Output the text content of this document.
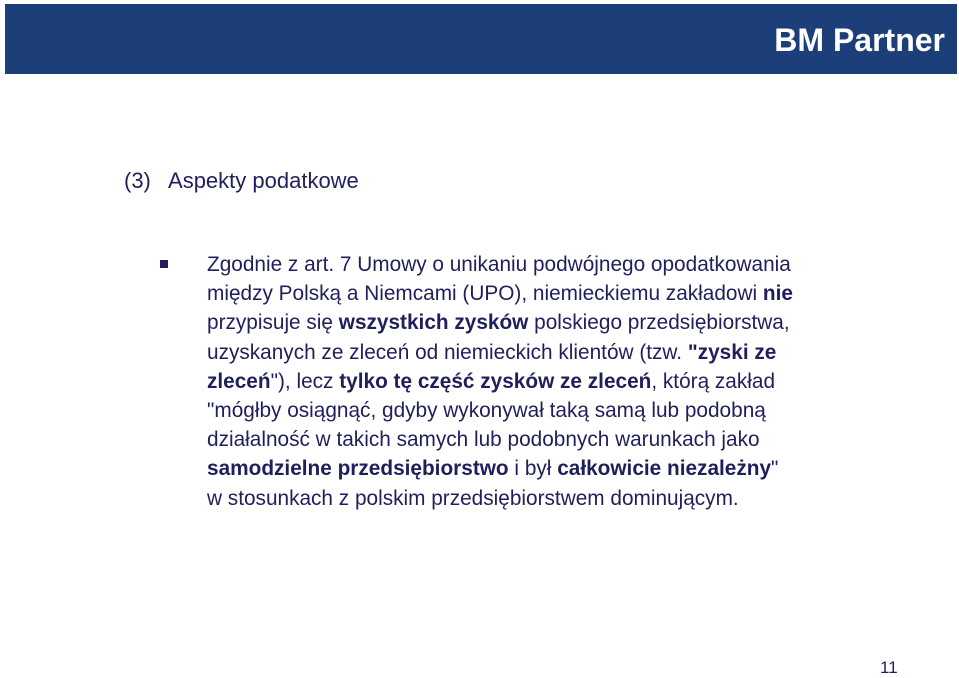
BM Partner
(3) Aspekty podatkowe

Zgodnie z art. 7 Umowy o unikaniu podwójnego opodatkowania
między Polską a Niemcami (UPO), niemieckiemu zakładowi nie
przypisuje się wszystkich zysków polskiego przedsiębiorstwa,
uzyskanych ze zleceń od niemieckich klientów (tzw. "zyski ze
zleceń"), lecz tylko tę część zysków ze zleceń, którą zakład
"mógłby osiągnąć, gdyby wykonywał taką samą lub podobną
działalność w takich samych lub podobnych warunkach jako
samodzielne przedsiębiorstwo i był całkowicie niezależny"
w stosunkach z polskim przedsiębiorstwem dominującym.

11
